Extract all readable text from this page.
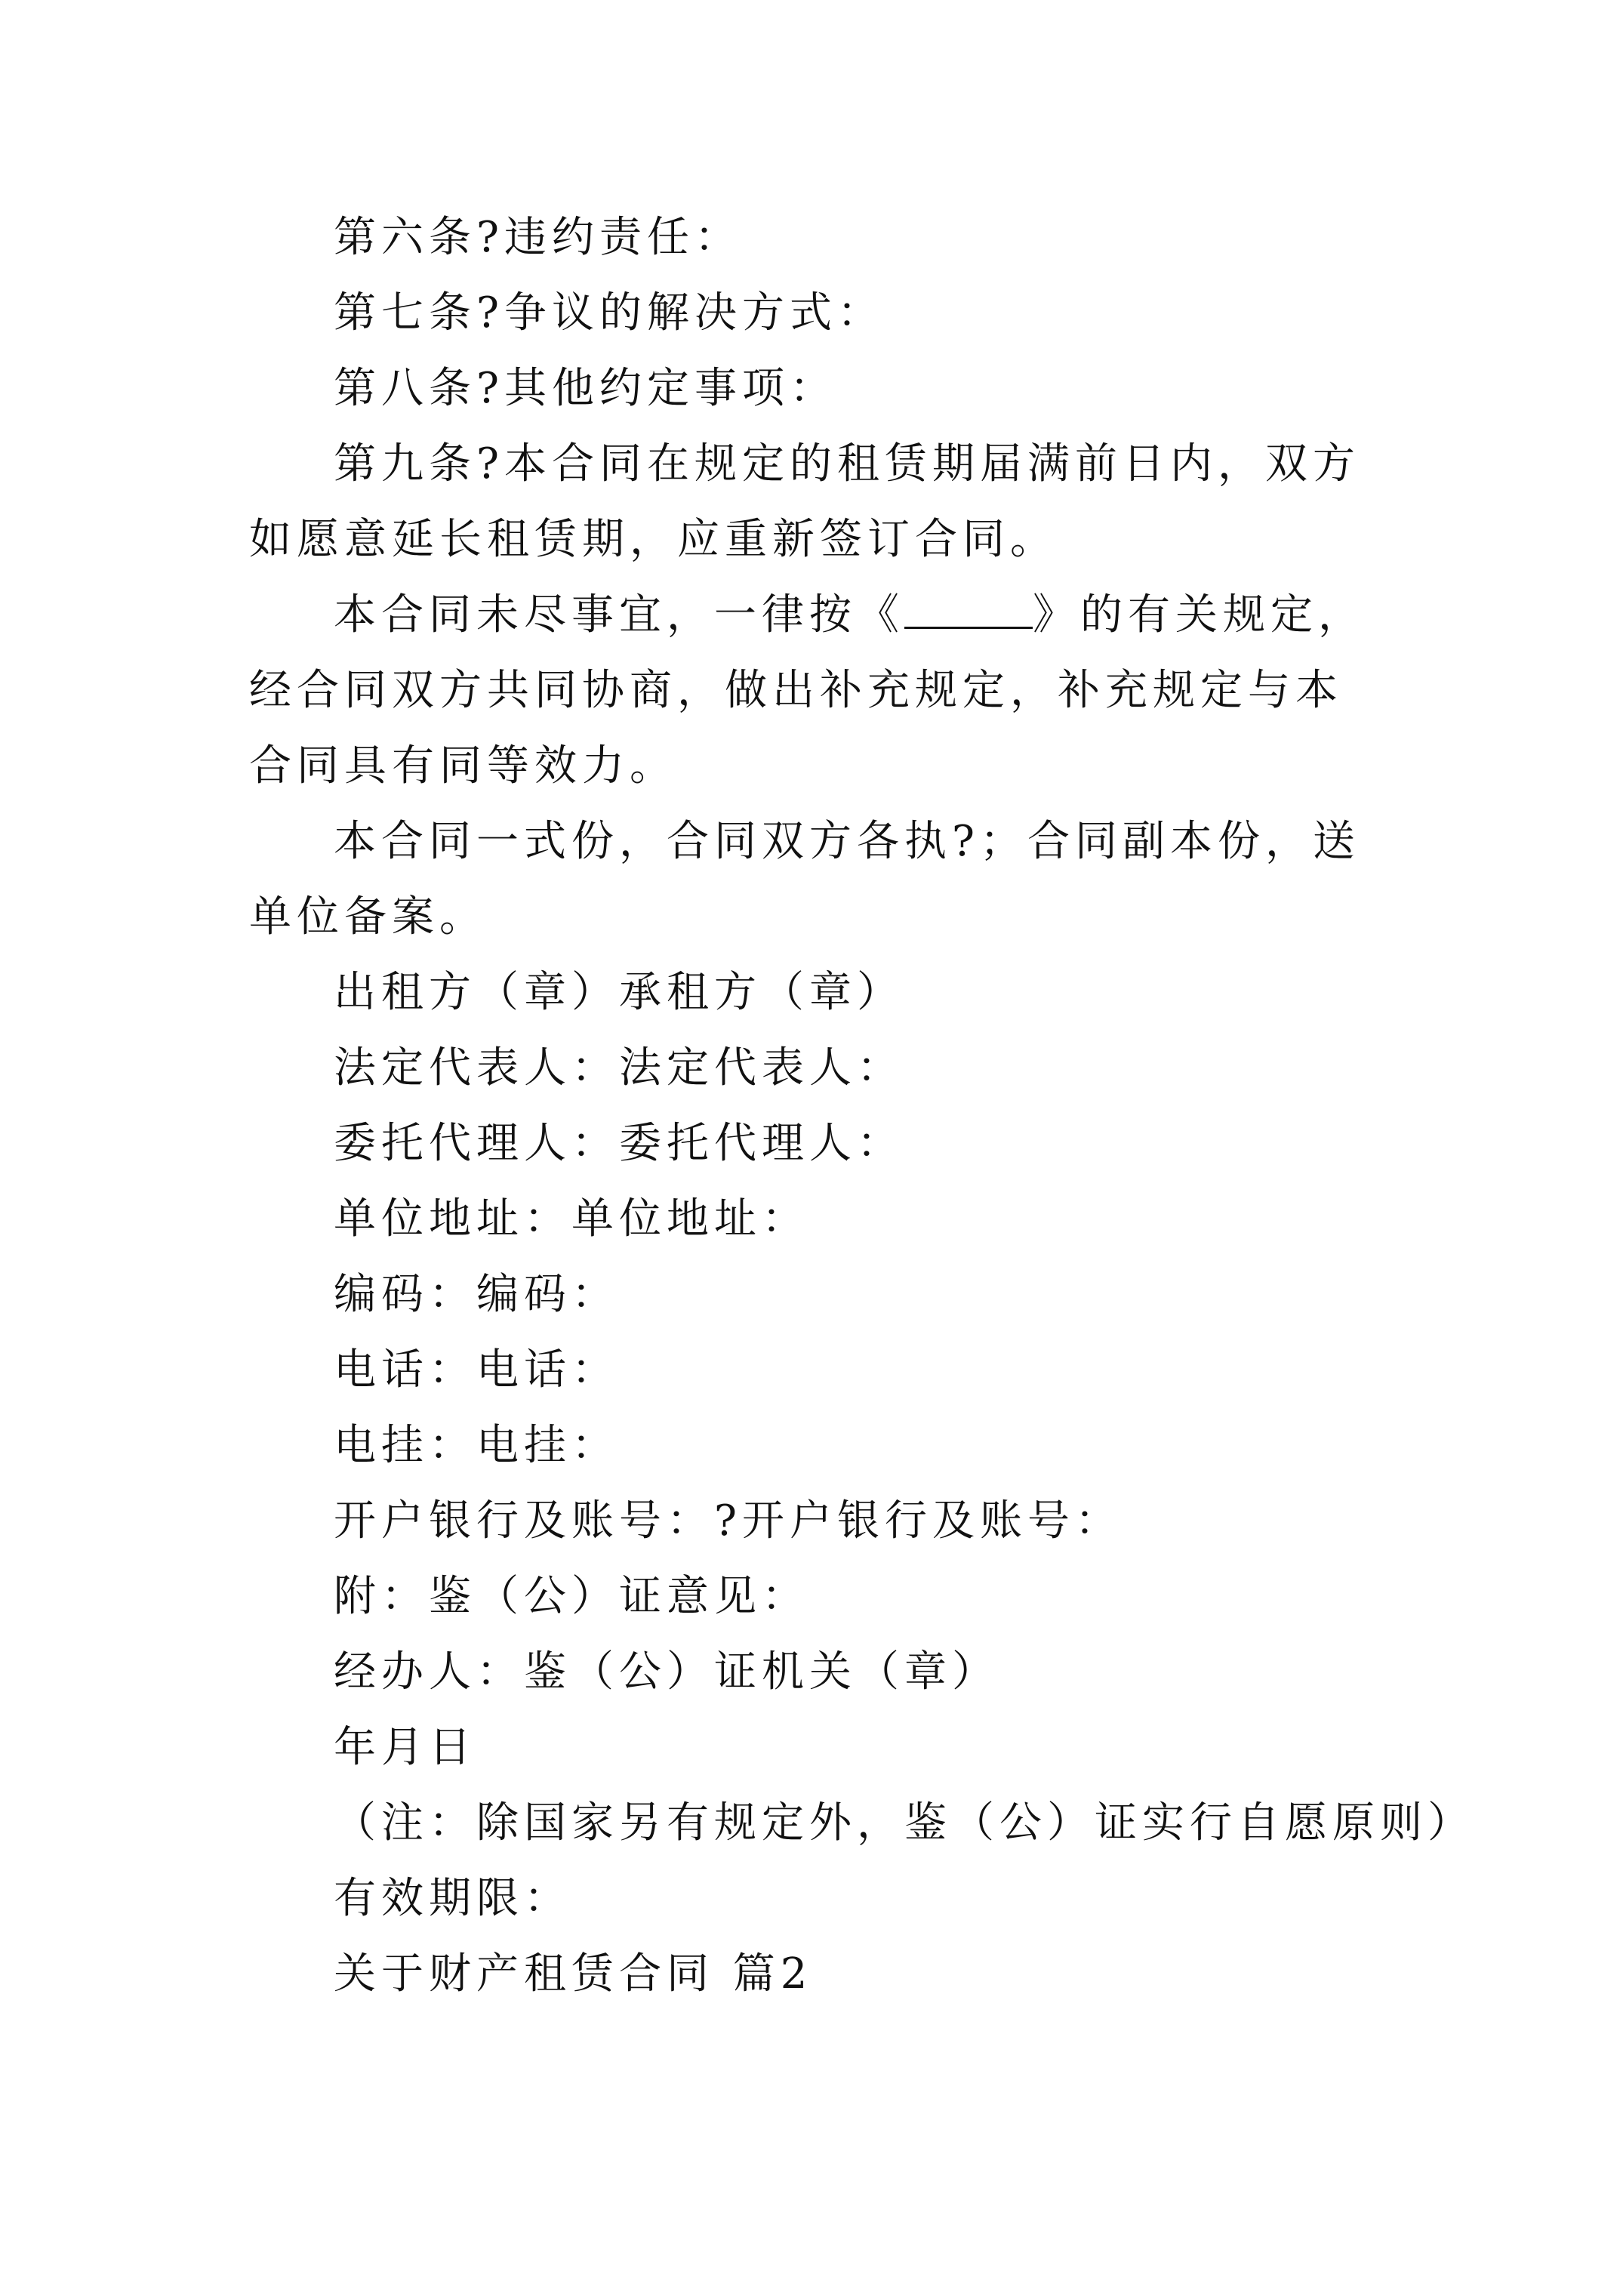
第六条?违约责任：

第七条?争议的解决方式：

第八条?其他约定事项：

第九条?本合同在规定的租赁期届满前日内，双方如愿意延长租赁期，应重新签订合同。

本合同未尽事宜，一律按《	》的有关规定，经合同双方共同协商，做出补充规定，补充规定与本合同具有同等效力。

本合同一式份，合同双方各执?；合同副本份，送单位备案。

出租方（章）承租方（章）

法定代表人：法定代表人：

委托代理人：委托代理人：

单位地址：单位地址：

编码：编码：

电话：电话：

电挂：电挂：

开户银行及账号：?开户银行及账号：

附：鉴（公）证意见：

经办人：鉴（公）证机关（章）

年月日

（注：除国家另有规定外，鉴（公）证实行自愿原则）

有效期限：

关于财产租赁合同 篇2
